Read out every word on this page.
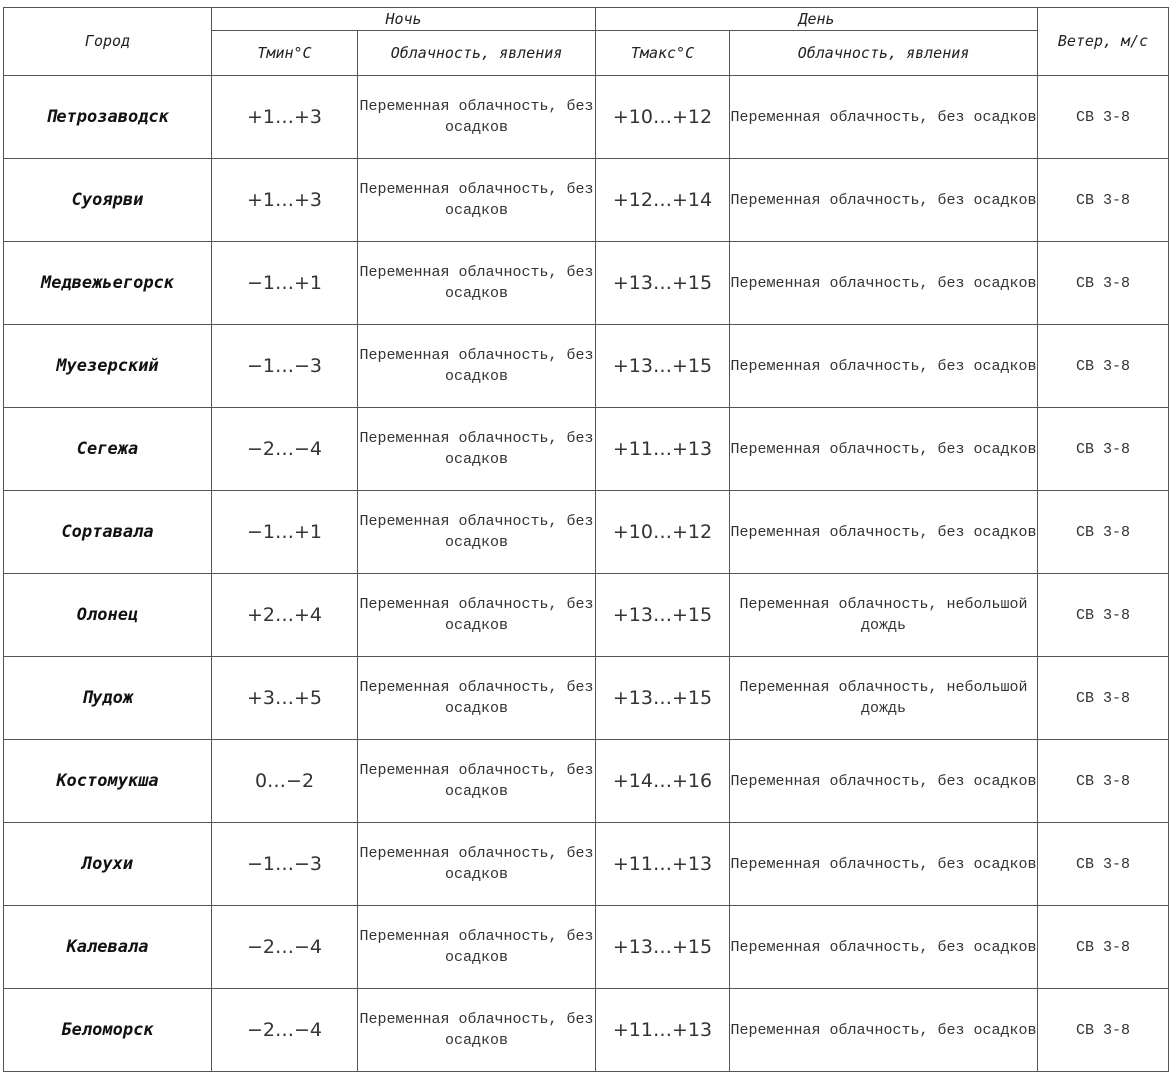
Город	Ночь		День		Ветер, м/с
	Тмин°С	Облачность, явления	Тмакс°С	Облачность, явления	
Петрозаводск	+1…+3	Переменная облачность, без осадков	+10…+12	Переменная облачность, без осадков	СВ 3-8
Суоярви	+1…+3	Переменная облачность, без осадков	+12…+14	Переменная облачность, без осадков	СВ 3-8
Медвежьегорск	−1…+1	Переменная облачность, без осадков	+13…+15	Переменная облачность, без осадков	СВ 3-8
Муезерский	−1…−3	Переменная облачность, без осадков	+13…+15	Переменная облачность, без осадков	СВ 3-8
Сегежа	−2…−4	Переменная облачность, без осадков	+11…+13	Переменная облачность, без осадков	СВ 3-8
Сортавала	−1…+1	Переменная облачность, без осадков	+10…+12	Переменная облачность, без осадков	СВ 3-8
Олонец	+2…+4	Переменная облачность, без осадков	+13…+15	Переменная облачность, небольшой дождь	СВ 3-8
Пудож	+3…+5	Переменная облачность, без осадков	+13…+15	Переменная облачность, небольшой дождь	СВ 3-8
Костомукша	0…−2	Переменная облачность, без осадков	+14…+16	Переменная облачность, без осадков	СВ 3-8
Лоухи	−1…−3	Переменная облачность, без осадков	+11…+13	Переменная облачность, без осадков	СВ 3-8
Калевала	−2…−4	Переменная облачность, без осадков	+13…+15	Переменная облачность, без осадков	СВ 3-8
Беломорск	−2…−4	Переменная облачность, без осадков	+11…+13	Переменная облачность, без осадков	СВ 3-8
